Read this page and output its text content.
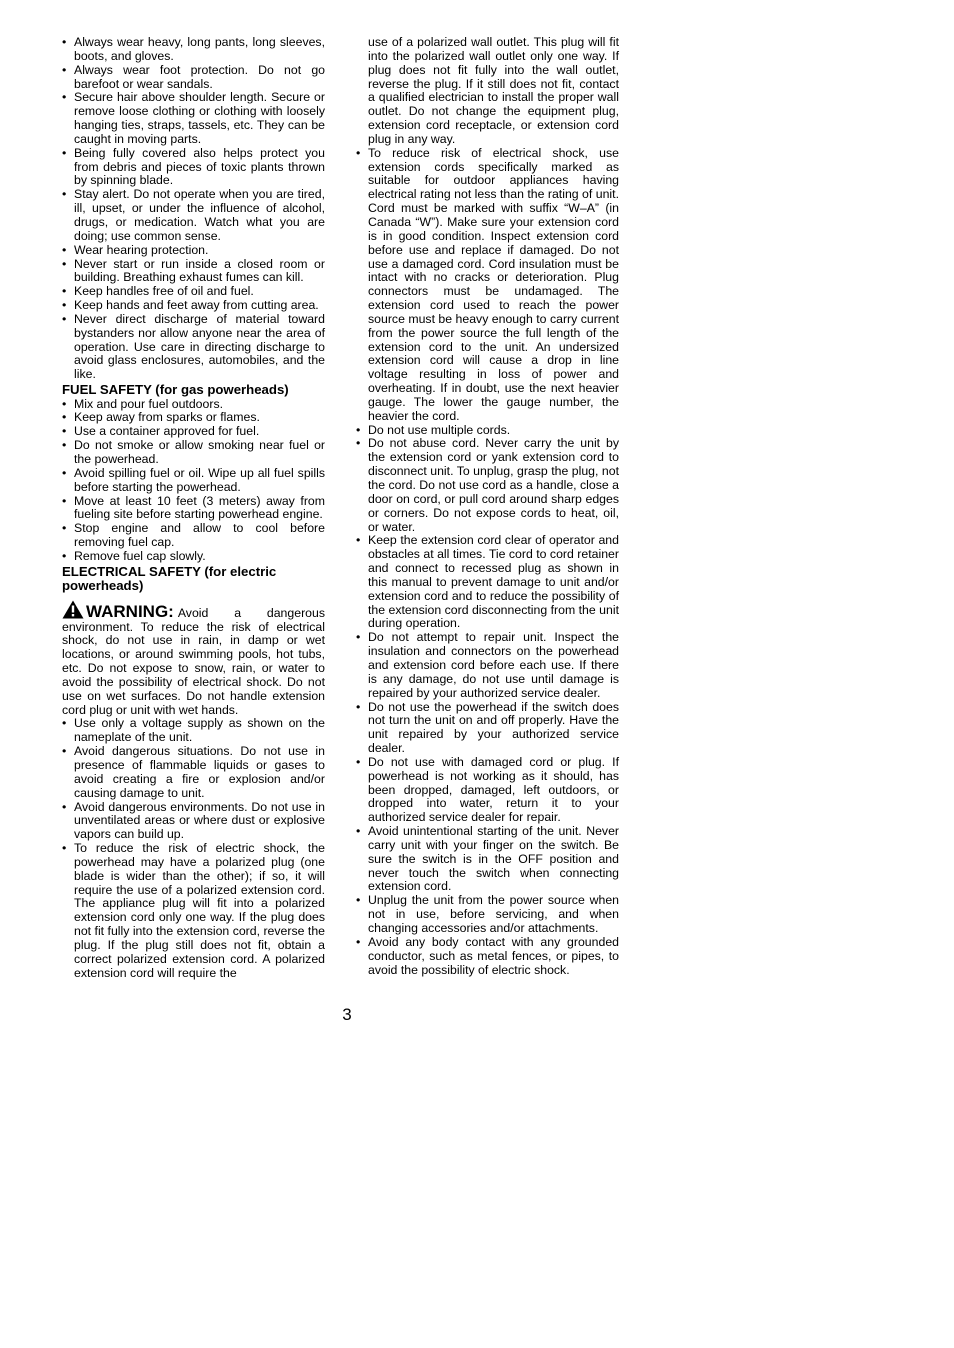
• Always wear heavy, long pants, long sleeves, boots, and gloves.
• Always wear foot protection. Do not go barefoot or wear sandals.
• Secure hair above shoulder length. Secure or remove loose clothing or clothing with loosely hanging ties, straps, tassels, etc. They can be caught in moving parts.
• Being fully covered also helps protect you from debris and pieces of toxic plants thrown by spinning blade.
• Stay alert. Do not operate when you are tired, ill, upset, or under the influence of alcohol, drugs, or medication. Watch what you are doing; use common sense.
• Wear hearing protection.
• Never start or run inside a closed room or building. Breathing exhaust fumes can kill.
• Keep handles free of oil and fuel.
• Keep hands and feet away from cutting area.
• Never direct discharge of material toward bystanders nor allow anyone near the area of operation. Use care in directing discharge to avoid glass enclosures, automobiles, and the like.
FUEL SAFETY (for gas powerheads)
• Mix and pour fuel outdoors.
• Keep away from sparks or flames.
• Use a container approved for fuel.
• Do not smoke or allow smoking near fuel or the powerhead.
• Avoid spilling fuel or oil. Wipe up all fuel spills before starting the powerhead.
• Move at least 10 feet (3 meters) away from fueling site before starting powerhead engine.
• Stop engine and allow to cool before removing fuel cap.
• Remove fuel cap slowly.
ELECTRICAL SAFETY (for electric powerheads)
WARNING: Avoid a dangerous environment. To reduce the risk of electrical shock, do not use in rain, in damp or wet locations, or around swimming pools, hot tubs, etc. Do not expose to snow, rain, or water to avoid the possibility of electrical shock. Do not use on wet surfaces. Do not handle extension cord plug or unit with wet hands.
• Use only a voltage supply as shown on the nameplate of the unit.
• Avoid dangerous situations. Do not use in presence of flammable liquids or gases to avoid creating a fire or explosion and/or causing damage to unit.
• Avoid dangerous environments. Do not use in unventilated areas or where dust or explosive vapors can build up.
• To reduce the risk of electric shock, the powerhead may have a polarized plug (one blade is wider than the other); if so, it will require the use of a polarized extension cord. The appliance plug will fit into a polarized extension cord only one way. If the plug does not fit fully into the extension cord, reverse the plug. If the plug still does not fit, obtain a correct polarized extension cord. A polarized extension cord will require the

use of a polarized wall outlet. This plug will fit into the polarized wall outlet only one way. If plug does not fit fully into the wall outlet, reverse the plug. If it still does not fit, contact a qualified electrician to install the proper wall outlet. Do not change the equipment plug, extension cord receptacle, or extension cord plug in any way.

• To reduce risk of electrical shock, use extension cords specifically marked as suitable for outdoor appliances having electrical rating not less than the rating of unit. Cord must be marked with suffix “W–A” (in Canada “W”). Make sure your extension cord is in good condition. Inspect extension cord before use and replace if damaged. Do not use a damaged cord. Cord insulation must be intact with no cracks or deterioration. Plug connectors must be undamaged. The extension cord used to reach the power source must be heavy enough to carry current from the power source the full length of the extension cord to the unit. An undersized extension cord will cause a drop in line voltage resulting in loss of power and overheating. If in doubt, use the next heavier gauge. The lower the gauge number, the heavier the cord.
• Do not use multiple cords.
• Do not abuse cord. Never carry the unit by the extension cord or yank extension cord to disconnect unit. To unplug, grasp the plug, not the cord. Do not use cord as a handle, close a door on cord, or pull cord around sharp edges or corners. Do not expose cords to heat, oil, or water.
• Keep the extension cord clear of operator and obstacles at all times. Tie cord to cord retainer and connect to recessed plug as shown in this manual to prevent damage to unit and/or extension cord and to reduce the possibility of the extension cord disconnecting from the unit during operation.
• Do not attempt to repair unit. Inspect the insulation and connectors on the powerhead and extension cord before each use. If there is any damage, do not use until damage is repaired by your authorized service dealer.
• Do not use the powerhead if the switch does not turn the unit on and off properly. Have the unit repaired by your authorized service dealer.
• Do not use with damaged cord or plug. If powerhead is not working as it should, has been dropped, damaged, left outdoors, or dropped into water, return it to your authorized service dealer for repair.
• Avoid unintentional starting of the unit. Never carry unit with your finger on the switch. Be sure the switch is in the OFF position and never touch the switch when connecting extension cord.
• Unplug the unit from the power source when not in use, before servicing, and when changing accessories and/or attachments.
• Avoid any body contact with any grounded conductor, such as metal fences, or pipes, to avoid the possibility of electric shock.
3
